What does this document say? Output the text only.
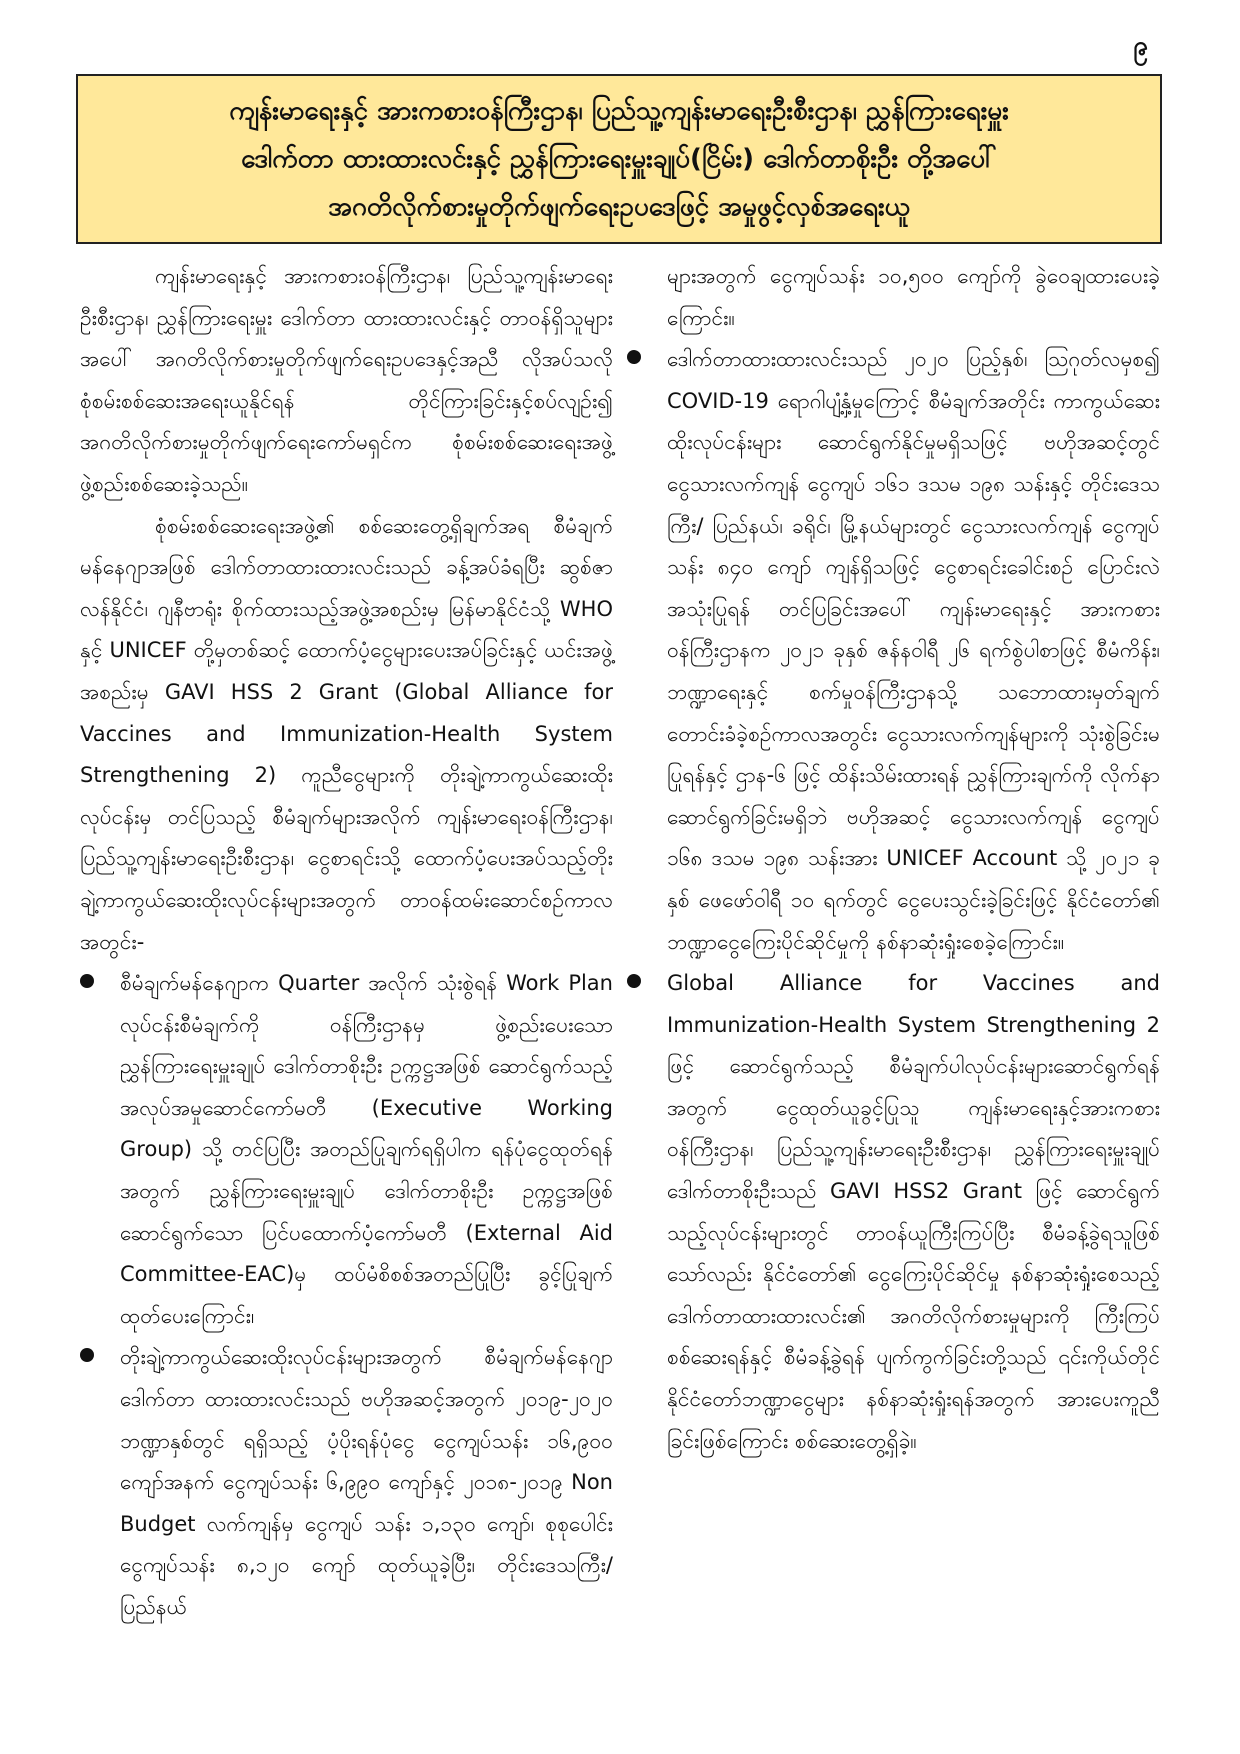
၉
ကျန်းမာရေးနှင့် အားကစားဝန်ကြီးဌာန၊ ပြည်သူ့ကျန်းမာရေးဦးစီးဌာန၊ ညွှန်ကြားရေးမှူး
ဒေါက်တာ ထားထားလင်းနှင့် ညွှန်ကြားရေးမှူးချုပ်(ငြိမ်း) ဒေါက်တာစိုးဦး တို့အပေါ်
အဂတိလိုက်စားမှုတိုက်ဖျက်ရေးဥပဒေဖြင့် အမှုဖွင့်လှစ်အရေးယူ

ကျန်းမာရေးနှင့် အားကစားဝန်ကြီးဌာန၊ ပြည်သူ့ကျန်းမာရေးဦးစီးဌာန၊ ညွှန်ကြားရေးမှူး ဒေါက်တာ ထားထားလင်းနှင့် တာဝန်ရှိသူများအပေါ် အဂတိလိုက်စားမှုတိုက်ဖျက်ရေးဥပဒေနှင့်အညီ လိုအပ်သလို စုံစမ်းစစ်ဆေးအရေးယူနိုင်ရန် တိုင်ကြားခြင်းနှင့်စပ်လျဉ်း၍ အဂတိလိုက်စားမှုတိုက်ဖျက်ရေးကော်မရှင်က စုံစမ်းစစ်ဆေးရေးအဖွဲ့ ဖွဲ့စည်းစစ်ဆေးခဲ့သည်။

စုံစမ်းစစ်ဆေးရေးအဖွဲ့၏ စစ်ဆေးတွေ့ရှိချက်အရ စီမံချက်မန်နေဂျာအဖြစ် ဒေါက်တာထားထားလင်းသည် ခန့်အပ်ခံရပြီး ဆွစ်ဇာလန်နိုင်ငံ၊ ဂျနီဗာရုံး စိုက်ထားသည့်အဖွဲ့အစည်းမှ မြန်မာနိုင်ငံသို့ WHO နှင့် UNICEF တို့မှတစ်ဆင့် ထောက်ပံ့ငွေများပေးအပ်ခြင်းနှင့် ယင်းအဖွဲ့အစည်းမှ GAVI HSS 2 Grant (Global Alliance for Vaccines and Immunization-Health System Strengthening 2) ကူညီငွေများကို တိုးချဲ့ကာကွယ်ဆေးထိုးလုပ်ငန်းမှ တင်ပြသည့် စီမံချက်များအလိုက် ကျန်းမာရေးဝန်ကြီးဌာန၊ ပြည်သူ့ကျန်းမာရေးဦးစီးဌာန၊ ငွေစာရင်းသို့ ထောက်ပံ့ပေးအပ်သည့်တိုးချဲ့ကာကွယ်ဆေးထိုးလုပ်ငန်းများအတွက် တာဝန်ထမ်းဆောင်စဉ်ကာလအတွင်း-

စီမံချက်မန်နေဂျာက Quarter အလိုက် သုံးစွဲရန် Work Plan လုပ်ငန်းစီမံချက်ကို ဝန်ကြီးဌာနမှ ဖွဲ့စည်းပေးသော ညွှန်ကြားရေးမှူးချုပ် ဒေါက်တာစိုးဦး ဥက္ကဋ္ဌအဖြစ် ဆောင်ရွက်သည့် အလုပ်အမှုဆောင်ကော်မတီ (Executive Working Group) သို့ တင်ပြပြီး အတည်ပြုချက်ရရှိပါက ရန်ပုံငွေထုတ်ရန်အတွက် ညွှန်ကြားရေးမှူးချုပ် ဒေါက်တာစိုးဦး ဥက္ကဋ္ဌအဖြစ် ဆောင်ရွက်သော ပြင်ပထောက်ပံ့ကော်မတီ (External Aid Committee-EAC)မှ ထပ်မံစိစစ်အတည်ပြုပြီး ခွင့်ပြုချက်ထုတ်ပေးကြောင်း၊

တိုးချဲ့ကာကွယ်ဆေးထိုးလုပ်ငန်းများအတွက် စီမံချက်မန်နေဂျာ ဒေါက်တာ ထားထားလင်းသည် ဗဟိုအဆင့်အတွက် ၂၀၁၉-၂၀၂၀ ဘဏ္ဍာနှစ်တွင် ရရှိသည့် ပံ့ပိုးရန်ပုံငွေ ငွေကျပ်သန်း ၁၆,၉၀၀ ကျော်အနက် ငွေကျပ်သန်း ၆,၉၉၀ ကျော်နှင့် ၂၀၁၈-၂၀၁၉ Non Budget လက်ကျန်မှ ငွေကျပ် သန်း ၁,၁၃၀ ကျော်၊ စုစုပေါင်း ငွေကျပ်သန်း ၈,၁၂၀ ကျော် ထုတ်ယူခဲ့ပြီး၊ တိုင်းဒေသကြီး/ပြည်နယ်

များအတွက် ငွေကျပ်သန်း ၁၀,၅၀၀ ကျော်ကို ခွဲဝေချထားပေးခဲ့ကြောင်း။

ဒေါက်တာထားထားလင်းသည် ၂၀၂၀ ပြည့်နှစ်၊ ဩဂုတ်လမှစ၍ COVID-19 ရောဂါပျံ့နှံ့မှုကြောင့် စီမံချက်အတိုင်း ကာကွယ်ဆေးထိုးလုပ်ငန်းများ ဆောင်ရွက်နိုင်မှုမရှိသဖြင့် ဗဟိုအဆင့်တွင် ငွေသားလက်ကျန် ငွေကျပ် ၁၆၁ ဒသမ ၁၉၈ သန်းနှင့် တိုင်းဒေသကြီး/ ပြည်နယ်၊ ခရိုင်၊ မြို့နယ်များတွင် ငွေသားလက်ကျန် ငွေကျပ်သန်း ၈၄၀ ကျော် ကျန်ရှိသဖြင့် ငွေစာရင်းခေါင်းစဉ် ပြောင်းလဲအသုံးပြုရန် တင်ပြခြင်းအပေါ် ကျန်းမာရေးနှင့် အားကစားဝန်ကြီးဌာနက ၂၀၂၁ ခုနှစ် ဇန်နဝါရီ ၂၆ ရက်စွဲပါစာဖြင့် စီမံကိန်း၊ ဘဏ္ဍာရေးနှင့် စက်မှုဝန်ကြီးဌာနသို့ သဘောထားမှတ်ချက်တောင်းခံခဲ့စဉ်ကာလအတွင်း ငွေသားလက်ကျန်များကို သုံးစွဲခြင်းမပြုရန်နှင့် ဌာန-၆ ဖြင့် ထိန်းသိမ်းထားရန် ညွှန်ကြားချက်ကို လိုက်နာဆောင်ရွက်ခြင်းမရှိဘဲ ဗဟိုအဆင့် ငွေသားလက်ကျန် ငွေကျပ် ၁၆၈ ဒသမ ၁၉၈ သန်းအား UNICEF Account သို့ ၂၀၂၁ ခုနှစ် ဖေဖော်ဝါရီ ၁၀ ရက်တွင် ငွေပေးသွင်းခဲ့ခြင်းဖြင့် နိုင်ငံတော်၏ ဘဏ္ဍာငွေကြေးပိုင်ဆိုင်မှုကို နစ်နာဆုံးရှုံးစေခဲ့ကြောင်း။

Global Alliance for Vaccines and Immunization-Health System Strengthening 2 ဖြင့် ဆောင်ရွက်သည့် စီမံချက်ပါလုပ်ငန်းများဆောင်ရွက်ရန်အတွက် ငွေထုတ်ယူခွင့်ပြုသူ ကျန်းမာရေးနှင့်အားကစားဝန်ကြီးဌာန၊ ပြည်သူ့ကျန်းမာရေးဦးစီးဌာန၊ ညွှန်ကြားရေးမှူးချုပ် ဒေါက်တာစိုးဦးသည် GAVI HSS2 Grant ဖြင့် ဆောင်ရွက်သည့်လုပ်ငန်းများတွင် တာဝန်ယူကြီးကြပ်ပြီး စီမံခန့်ခွဲရသူဖြစ်သော်လည်း နိုင်ငံတော်၏ ငွေကြေးပိုင်ဆိုင်မှု နစ်နာဆုံးရှုံးစေသည့် ဒေါက်တာထားထားလင်း၏ အဂတိလိုက်စားမှုများကို ကြီးကြပ်စစ်ဆေးရန်နှင့် စီမံခန့်ခွဲရန် ပျက်ကွက်ခြင်းတို့သည် ၎င်းကိုယ်တိုင် နိုင်ငံတော်ဘဏ္ဍာငွေများ နစ်နာဆုံးရှုံးရန်အတွက် အားပေးကူညီခြင်းဖြစ်ကြောင်း စစ်ဆေးတွေ့ရှိခဲ့။
